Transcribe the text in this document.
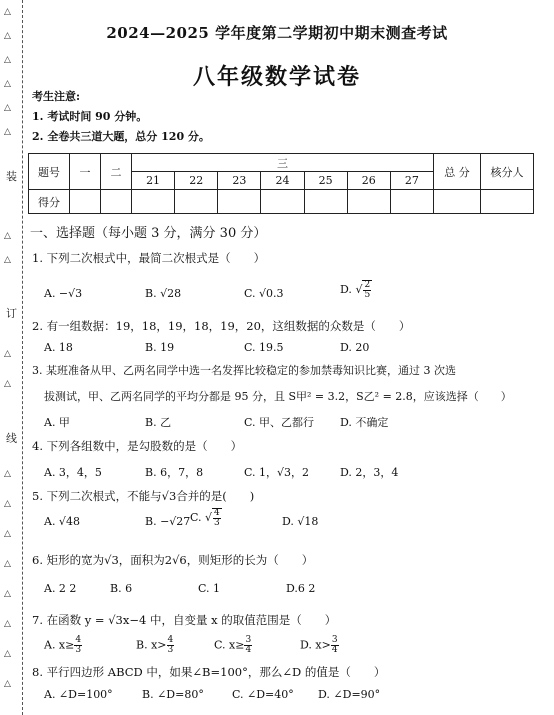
△
△
△
△
△
△
装
△
△
订
△
△
线
△
△
△
△
△
△
△
△
2024—2025 学年度第二学期初中期末测查考试
八年级数学试卷
考生注意:
1. 考试时间 90 分钟。
2. 全卷共三道大题，总分 120 分。
题号	一	二	三							总 分	核分人
			21	22	23	24	25	26	27		
得分											
一、选择题（每小题 3 分，满分 30 分）
1. 下列二次根式中，最简二次根式是（　　）
A. −√3	B. √28	C. √0.3	D. √ $\frac{2}{5}$
2. 有一组数据：19，18，19，18，19，20，这组数据的众数是（　　）
A. 18	B. 19	C. 19.5	D. 20
3. 某班准备从甲、乙两名同学中选一名发挥比较稳定的参加禁毒知识比赛，通过 3 次选
拔测试，甲、乙两名同学的平均分都是 95 分，且 S甲² = 3.2，S乙² = 2.8，应该选择（　　）
A. 甲	B. 乙	C. 甲、乙都行 D. 不确定
4. 下列各组数中，是勾股数的是（　　）
A. 3，4，5	B. 6，7，8	C. 1，√3，2	D. 2，3，4
5. 下列二次根式，不能与√3合并的是(　　)
A. √48	B. −√27 C. √ $\frac{4}{3}$	D. √18
6. 矩形的宽为√3，面积为2√6，则矩形的长为（　　）
A. 2 2	B. 6	C. 1	D.6 2
7. 在函数 y = √3x−4 中，自变量 x 的取值范围是（　　）
A. $x\ge \frac{4}{3}$	B. $x> \frac{4}{3}$	C. $x\ge \frac{3}{4}$	D. $x> \frac{3}{4}$
8. 平行四边形 ABCD 中，如果∠B=100°，那么∠D 的值是（　　）
A. ∠D=100°	B. ∠D=80°	C. ∠D=40° D. ∠D=90°
